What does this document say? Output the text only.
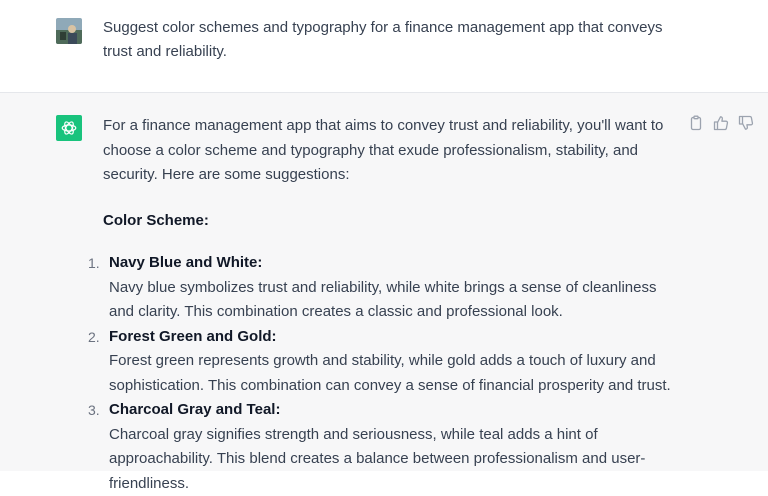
Suggest color schemes and typography for a finance management app that conveys trust and reliability.

For a finance management app that aims to convey trust and reliability, you'll want to choose a color scheme and typography that exude professionalism, stability, and security. Here are some suggestions:

Color Scheme:

1. Navy Blue and White:
Navy blue symbolizes trust and reliability, while white brings a sense of cleanliness and clarity. This combination creates a classic and professional look.
2. Forest Green and Gold:
Forest green represents growth and stability, while gold adds a touch of luxury and sophistication. This combination can convey a sense of financial prosperity and trust.
3. Charcoal Gray and Teal:
Charcoal gray signifies strength and seriousness, while teal adds a hint of approachability. This blend creates a balance between professionalism and user-friendliness.
